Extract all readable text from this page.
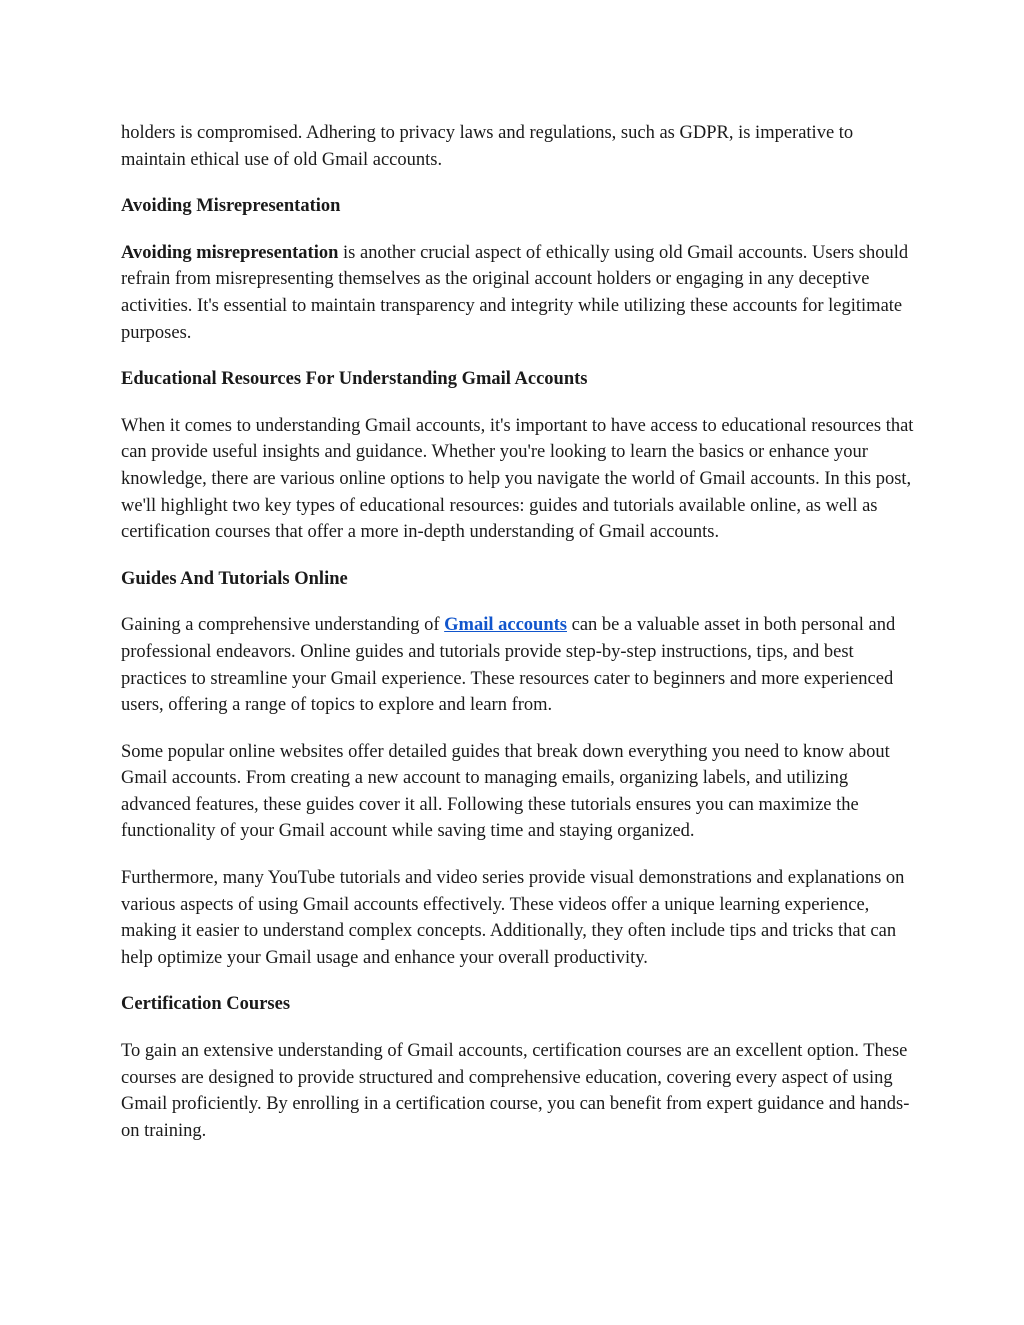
holders is compromised. Adhering to privacy laws and regulations, such as GDPR, is imperative to maintain ethical use of old Gmail accounts.

Avoiding Misrepresentation

Avoiding misrepresentation is another crucial aspect of ethically using old Gmail accounts. Users should refrain from misrepresenting themselves as the original account holders or engaging in any deceptive activities. It's essential to maintain transparency and integrity while utilizing these accounts for legitimate purposes.

Educational Resources For Understanding Gmail Accounts

When it comes to understanding Gmail accounts, it's important to have access to educational resources that can provide useful insights and guidance. Whether you're looking to learn the basics or enhance your knowledge, there are various online options to help you navigate the world of Gmail accounts. In this post, we'll highlight two key types of educational resources: guides and tutorials available online, as well as certification courses that offer a more in-depth understanding of Gmail accounts.

Guides And Tutorials Online

Gaining a comprehensive understanding of Gmail accounts can be a valuable asset in both personal and professional endeavors. Online guides and tutorials provide step-by-step instructions, tips, and best practices to streamline your Gmail experience. These resources cater to beginners and more experienced users, offering a range of topics to explore and learn from.

Some popular online websites offer detailed guides that break down everything you need to know about Gmail accounts. From creating a new account to managing emails, organizing labels, and utilizing advanced features, these guides cover it all. Following these tutorials ensures you can maximize the functionality of your Gmail account while saving time and staying organized.

Furthermore, many YouTube tutorials and video series provide visual demonstrations and explanations on various aspects of using Gmail accounts effectively. These videos offer a unique learning experience, making it easier to understand complex concepts. Additionally, they often include tips and tricks that can help optimize your Gmail usage and enhance your overall productivity.

Certification Courses

To gain an extensive understanding of Gmail accounts, certification courses are an excellent option. These courses are designed to provide structured and comprehensive education, covering every aspect of using Gmail proficiently. By enrolling in a certification course, you can benefit from expert guidance and hands-on training.
